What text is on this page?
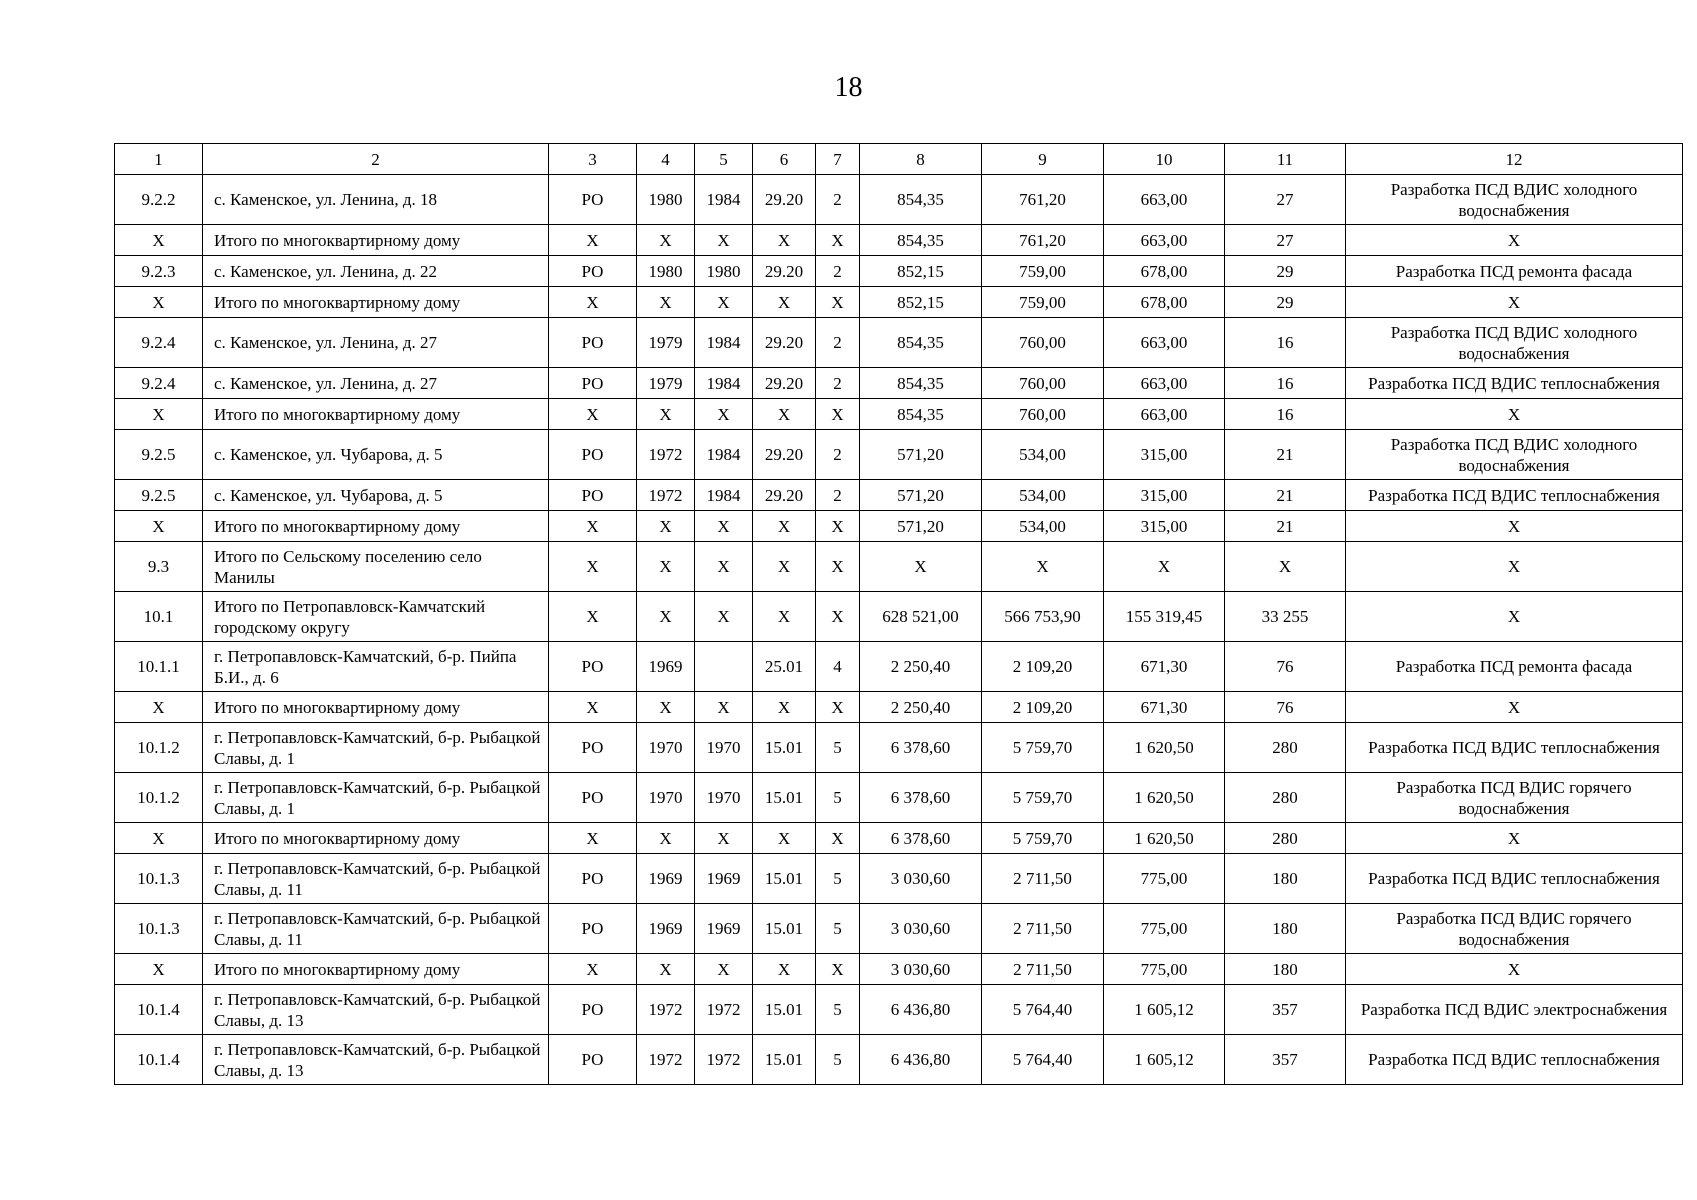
18
1	2	3	4	5	6	7	8	9	10	11	12
9.2.2	с. Каменское, ул. Ленина, д. 18	РО	1980	1984	29.20	2	854,35	761,20	663,00	27	Разработка ПСД ВДИС холодного водоснабжения
Х	Итого по многоквартирному дому	Х	Х	Х	Х	Х	854,35	761,20	663,00	27	Х
9.2.3	с. Каменское, ул. Ленина, д. 22	РО	1980	1980	29.20	2	852,15	759,00	678,00	29	Разработка ПСД ремонта фасада
Х	Итого по многоквартирному дому	Х	Х	Х	Х	Х	852,15	759,00	678,00	29	Х
9.2.4	с. Каменское, ул. Ленина, д. 27	РО	1979	1984	29.20	2	854,35	760,00	663,00	16	Разработка ПСД ВДИС холодного водоснабжения
9.2.4	с. Каменское, ул. Ленина, д. 27	РО	1979	1984	29.20	2	854,35	760,00	663,00	16	Разработка ПСД ВДИС теплоснабжения
Х	Итого по многоквартирному дому	Х	Х	Х	Х	Х	854,35	760,00	663,00	16	Х
9.2.5	с. Каменское, ул. Чубарова, д. 5	РО	1972	1984	29.20	2	571,20	534,00	315,00	21	Разработка ПСД ВДИС холодного водоснабжения
9.2.5	с. Каменское, ул. Чубарова, д. 5	РО	1972	1984	29.20	2	571,20	534,00	315,00	21	Разработка ПСД ВДИС теплоснабжения
Х	Итого по многоквартирному дому	Х	Х	Х	Х	Х	571,20	534,00	315,00	21	Х
9.3	Итого по Сельскому поселению село Манилы	Х	Х	Х	Х	Х	Х	Х	Х	Х	Х
10.1	Итого по Петропавловск-Камчатский городскому округу	Х	Х	Х	Х	Х	628 521,00	566 753,90	155 319,45	33 255	Х
10.1.1	г. Петропавловск-Камчатский, б-р. Пийпа Б.И., д. 6	РО	1969		25.01	4	2 250,40	2 109,20	671,30	76	Разработка ПСД ремонта фасада
Х	Итого по многоквартирному дому	Х	Х	Х	Х	Х	2 250,40	2 109,20	671,30	76	Х
10.1.2	г. Петропавловск-Камчатский, б-р. Рыбацкой Славы, д. 1	РО	1970	1970	15.01	5	6 378,60	5 759,70	1 620,50	280	Разработка ПСД ВДИС теплоснабжения
10.1.2	г. Петропавловск-Камчатский, б-р. Рыбацкой Славы, д. 1	РО	1970	1970	15.01	5	6 378,60	5 759,70	1 620,50	280	Разработка ПСД ВДИС горячего водоснабжения
Х	Итого по многоквартирному дому	Х	Х	Х	Х	Х	6 378,60	5 759,70	1 620,50	280	Х
10.1.3	г. Петропавловск-Камчатский, б-р. Рыбацкой Славы, д. 11	РО	1969	1969	15.01	5	3 030,60	2 711,50	775,00	180	Разработка ПСД ВДИС теплоснабжения
10.1.3	г. Петропавловск-Камчатский, б-р. Рыбацкой Славы, д. 11	РО	1969	1969	15.01	5	3 030,60	2 711,50	775,00	180	Разработка ПСД ВДИС горячего водоснабжения
Х	Итого по многоквартирному дому	Х	Х	Х	Х	Х	3 030,60	2 711,50	775,00	180	Х
10.1.4	г. Петропавловск-Камчатский, б-р. Рыбацкой Славы, д. 13	РО	1972	1972	15.01	5	6 436,80	5 764,40	1 605,12	357	Разработка ПСД ВДИС электроснабжения
10.1.4	г. Петропавловск-Камчатский, б-р. Рыбацкой Славы, д. 13	РО	1972	1972	15.01	5	6 436,80	5 764,40	1 605,12	357	Разработка ПСД ВДИС теплоснабжения
